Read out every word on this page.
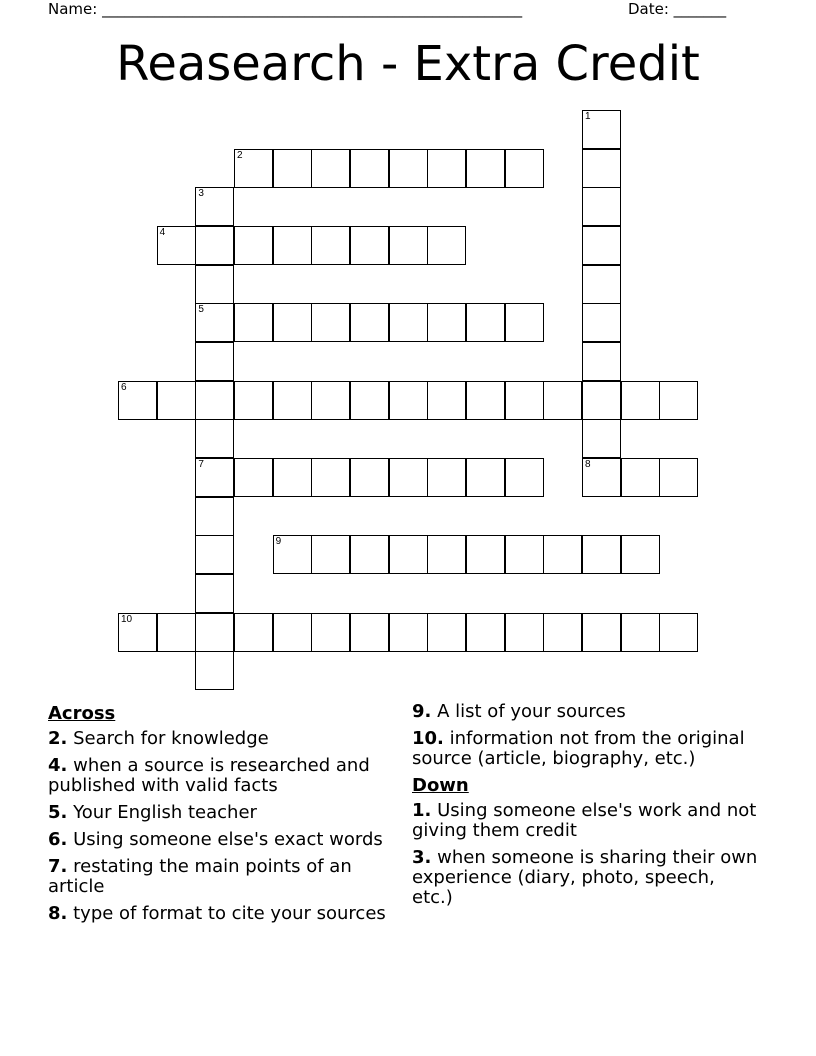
Name: ________________________________________________________	Date: _______
Reasearch - Extra Credit
1
2
3
5
7
4
6
8
9
10
Across
2. Search for knowledge
4. when a source is researched and published with valid facts
5. Your English teacher
6. Using someone else's exact words
7. restating the main points of an article
8. type of format to cite your sources
9. A list of your sources
10. information not from the original source (article, biography, etc.)
Down
1. Using someone else's work and not giving them credit
3. when someone is sharing their own experience (diary, photo, speech, etc.)
